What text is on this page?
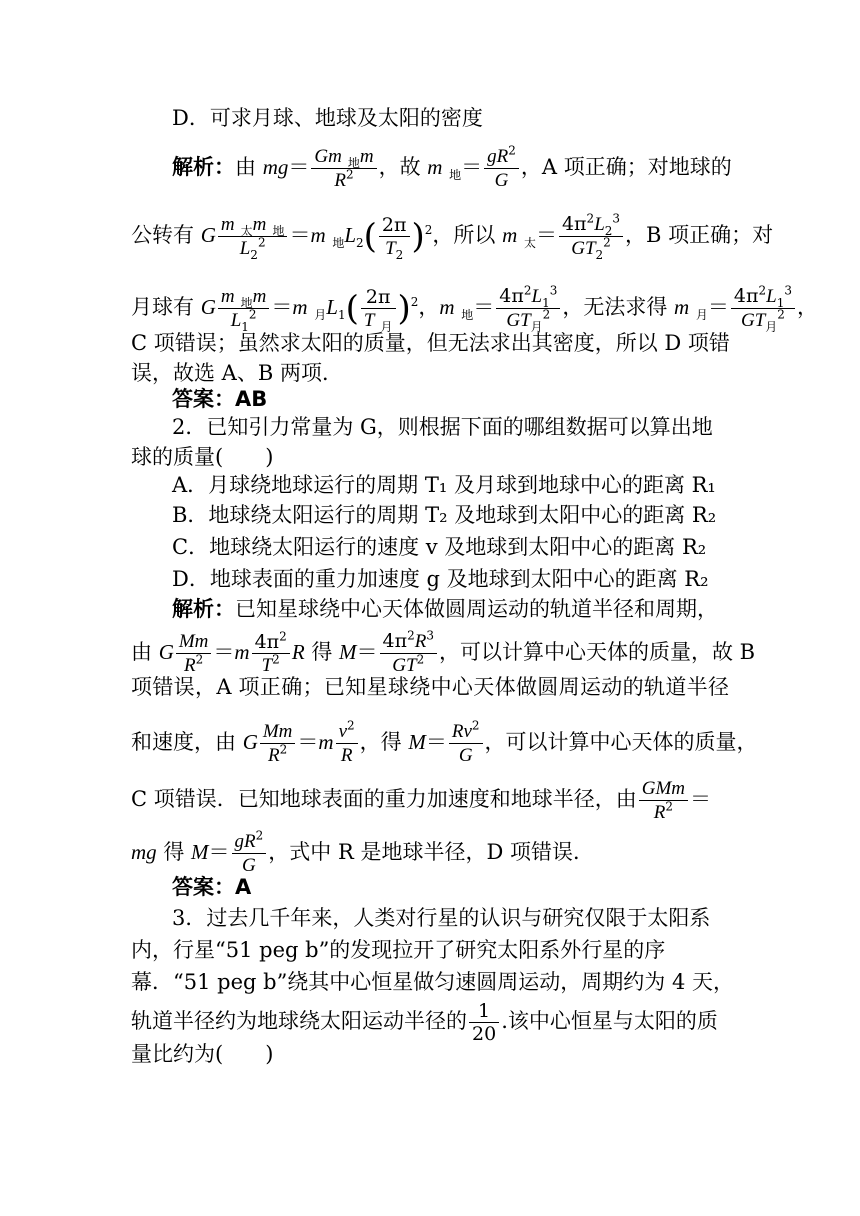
D．可求月球、地球及太阳的密度
解析：由 $mg= \frac{Gm _地m}{R^2}$ ，故 m $_地= \frac{gR^2}{G}$ ，A 项正确；对地球的
公转有 G $\frac{m _太m _地}{L_2^2} =m$ $_地L_2( \frac{2\pi}{T_2} )^2$，所以 m $_太= \frac{4\pi^2L_2^3}{GT_2^2}$ ，B 项正确；对
月球有 G $\frac{m _地m}{L_1^2} =m$ $_月L_1( \frac{2\pi}{T _月} )^2$，m $_地= \frac{4\pi^2L_1^3}{GT_月^2}$ ，无法求得 m $_月= \frac{4\pi^2L_1^3}{GT_月^2}$ ，
C 项错误；虽然求太阳的质量，但无法求出其密度，所以 D 项错
误，故选 A、B 两项．
答案：AB
2．已知引力常量为 G，则根据下面的哪组数据可以算出地
球的质量(　　)
A．月球绕地球运行的周期 T₁ 及月球到地球中心的距离 R₁
B．地球绕太阳运行的周期 T₂ 及地球到太阳中心的距离 R₂
C．地球绕太阳运行的速度 v 及地球到太阳中心的距离 R₂
D．地球表面的重力加速度 g 及地球到太阳中心的距离 R₂
解析：已知星球绕中心天体做圆周运动的轨道半径和周期，
由 G $\frac{Mm}{R^2} =m \frac{4\pi^2}{T^2}$ R 得 $M= \frac{4\pi^2R^3}{GT^2}$ ，可以计算中心天体的质量，故 B
项错误，A 项正确；已知星球绕中心天体做圆周运动的轨道半径
和速度，由 G $\frac{Mm}{R^2} =m \frac{v^2}{R}$ ，得 $M= \frac{Rv^2}{G}$ ，可以计算中心天体的质量，
C 项错误．已知地球表面的重力加速度和地球半径，由 $\frac{\text{GMm}}{R^2}$ ＝
mg 得 $M= \frac{gR^2}{G}$ ，式中 R 是地球半径，D 项错误．
答案：A
3．过去几千年来，人类对行星的认识与研究仅限于太阳系
内，行星“51 peg b”的发现拉开了研究太阳系外行星的序
幕．“51 peg b”绕其中心恒星做匀速圆周运动，周期约为 4 天，
轨道半径约为地球绕太阳运动半径的 $\frac{1}{20}$ .该中心恒星与太阳的质
量比约为(　　)
